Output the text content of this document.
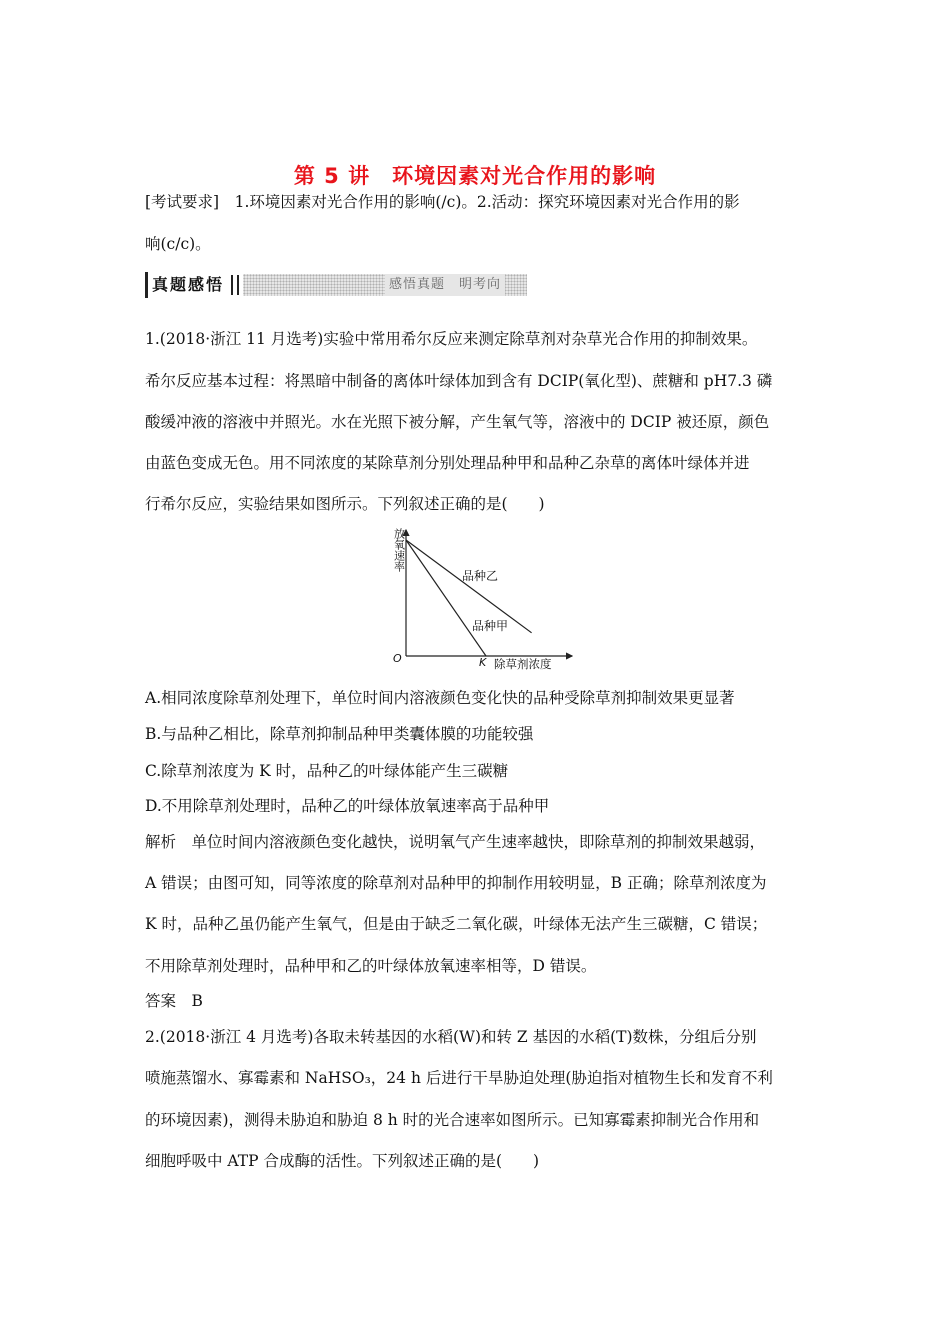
第 5 讲　环境因素对光合作用的影响
[考试要求]　1.环境因素对光合作用的影响(/c)。2.活动：探究环境因素对光合作用的影
响(c/c)。
真题感悟	感悟真题　明考向
1.(2018·浙江 11 月选考)实验中常用希尔反应来测定除草剂对杂草光合作用的抑制效果。
希尔反应基本过程：将黑暗中制备的离体叶绿体加到含有 DCIP(氧化型)、蔗糖和 pH7.3 磷
酸缓冲液的溶液中并照光。水在光照下被分解，产生氧气等，溶液中的 DCIP 被还原，颜色
由蓝色变成无色。用不同浓度的某除草剂分别处理品种甲和品种乙杂草的离体叶绿体并进
行希尔反应，实验结果如图所示。下列叙述正确的是(　　)
品种乙
品种甲
放氧速率
除草剂浓度
O	K
A.相同浓度除草剂处理下，单位时间内溶液颜色变化快的品种受除草剂抑制效果更显著
B.与品种乙相比，除草剂抑制品种甲类囊体膜的功能较强
C.除草剂浓度为 K 时，品种乙的叶绿体能产生三碳糖
D.不用除草剂处理时，品种乙的叶绿体放氧速率高于品种甲
解析　单位时间内溶液颜色变化越快，说明氧气产生速率越快，即除草剂的抑制效果越弱，
A 错误；由图可知，同等浓度的除草剂对品种甲的抑制作用较明显，B 正确；除草剂浓度为
K 时，品种乙虽仍能产生氧气，但是由于缺乏二氧化碳，叶绿体无法产生三碳糖，C 错误；
不用除草剂处理时，品种甲和乙的叶绿体放氧速率相等，D 错误。
答案　B
2.(2018·浙江 4 月选考)各取未转基因的水稻(W)和转 Z 基因的水稻(T)数株，分组后分别
喷施蒸馏水、寡霉素和 NaHSO₃，24 h 后进行干旱胁迫处理(胁迫指对植物生长和发育不利
的环境因素)，测得未胁迫和胁迫 8 h 时的光合速率如图所示。已知寡霉素抑制光合作用和
细胞呼吸中 ATP 合成酶的活性。下列叙述正确的是(　　)
